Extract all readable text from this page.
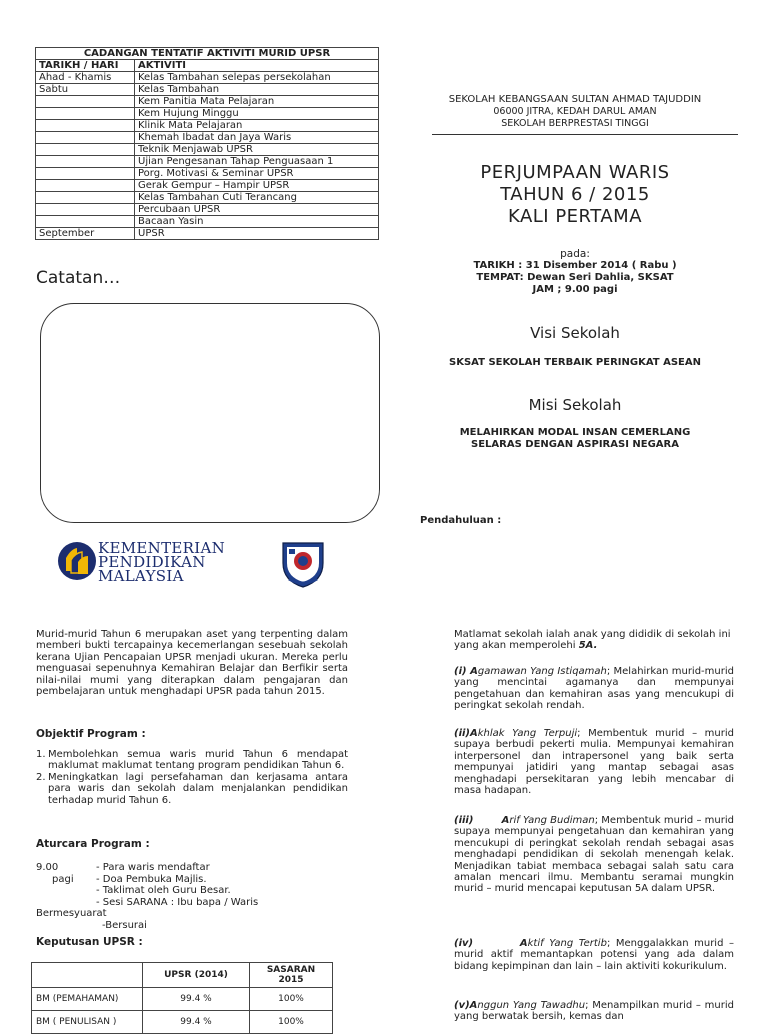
CADANGAN TENTATIF AKTIVITI MURID UPSR	
TARIKH / HARI	AKTIVITI
Ahad - Khamis	Kelas Tambahan selepas persekolahan
Sabtu	Kelas Tambahan
	Kem Panitia Mata Pelajaran
	Kem Hujung Minggu
	Klinik Mata Pelajaran
	Khemah Ibadat dan Jaya Waris
	Teknik Menjawab UPSR
	Ujian Pengesanan Tahap Penguasaan 1
	Porg. Motivasi & Seminar UPSR
	Gerak Gempur – Hampir UPSR
	Kelas Tambahan Cuti Terancang
	Percubaan UPSR
	Bacaan Yasin
September	UPSR
Catatan…
KEMENTERIAN
PENDIDIKAN
MALAYSIA
Murid-murid Tahun 6 merupakan aset yang terpenting dalam memberi bukti tercapainya kecemerlangan sesebuah sekolah kerana Ujian Pencapaian UPSR menjadi ukuran. Mereka perlu menguasai sepenuhnya Kemahiran Belajar dan Berfikir serta nilai-nilai mumi yang diterapkan dalam pengajaran dan pembelajaran untuk menghadapi UPSR pada tahun 2015.
Objektif Program :
1. Membolehkan semua waris murid Tahun 6 mendapat maklumat maklumat tentang program pendidikan Tahun 6.
2. Meningkatkan lagi persefahaman dan kerjasama antara para waris dan sekolah dalam menjalankan pendidikan terhadap murid Tahun 6.
Aturcara Program :
9.00	- Para waris mendaftar
pagi	- Doa Pembuka Majlis.
- Taklimat oleh Guru Besar.
- Sesi SARANA : Ibu bapa / Waris
Bermesyuarat
-Bersurai
Keputusan UPSR :
	UPSR (2014)	SASARAN 2015
BM (PEMAHAMAN)	99.4 %	100%
BM ( PENULISAN )	99.4 %	100%
SEKOLAH KEBANGSAAN SULTAN AHMAD TAJUDDIN
06000 JITRA, KEDAH DARUL AMAN
SEKOLAH BERPRESTASI TINGGI
PERJUMPAAN WARIS
TAHUN 6 / 2015
KALI PERTAMA
pada:
TARIKH : 31 Disember 2014 ( Rabu )
TEMPAT: Dewan Seri Dahlia, SKSAT
JAM ; 9.00 pagi
Visi Sekolah
SKSAT SEKOLAH TERBAIK PERINGKAT ASEAN
Misi Sekolah
MELAHIRKAN MODAL INSAN CEMERLANG SELARAS DENGAN ASPIRASI NEGARA
Pendahuluan :
Matlamat sekolah ialah anak yang dididik di sekolah ini yang akan memperolehi 5A.
(i) Agamawan Yang Istiqamah; Melahirkan murid-murid yang mencintai agamanya dan mempunyai pengetahuan dan kemahiran asas yang mencukupi di peringkat sekolah rendah.
(ii)Akhlak Yang Terpuji; Membentuk murid – murid supaya berbudi pekerti mulia. Mempunyai kemahiran interpersonel dan intrapersonel yang baik serta mempunyai jatidiri yang mantap sebagai asas menghadapi persekitaran yang lebih mencabar di masa hadapan.
(iii)        Arif Yang Budiman; Membentuk murid – murid supaya mempunyai pengetahuan dan kemahiran yang mencukupi di peringkat sekolah rendah sebagai asas menghadapi pendidikan di sekolah menengah kelak. Menjadikan tabiat membaca sebagai salah satu cara amalan mencari ilmu. Membantu seramai mungkin murid – murid mencapai keputusan 5A dalam UPSR.
(iv)        Aktif Yang Tertib; Menggalakkan murid – murid aktif memantapkan potensi yang ada dalam bidang kepimpinan dan lain – lain aktiviti kokurikulum.
(v)Anggun Yang Tawadhu; Menampilkan murid – murid yang berwatak bersih, kemas dan
